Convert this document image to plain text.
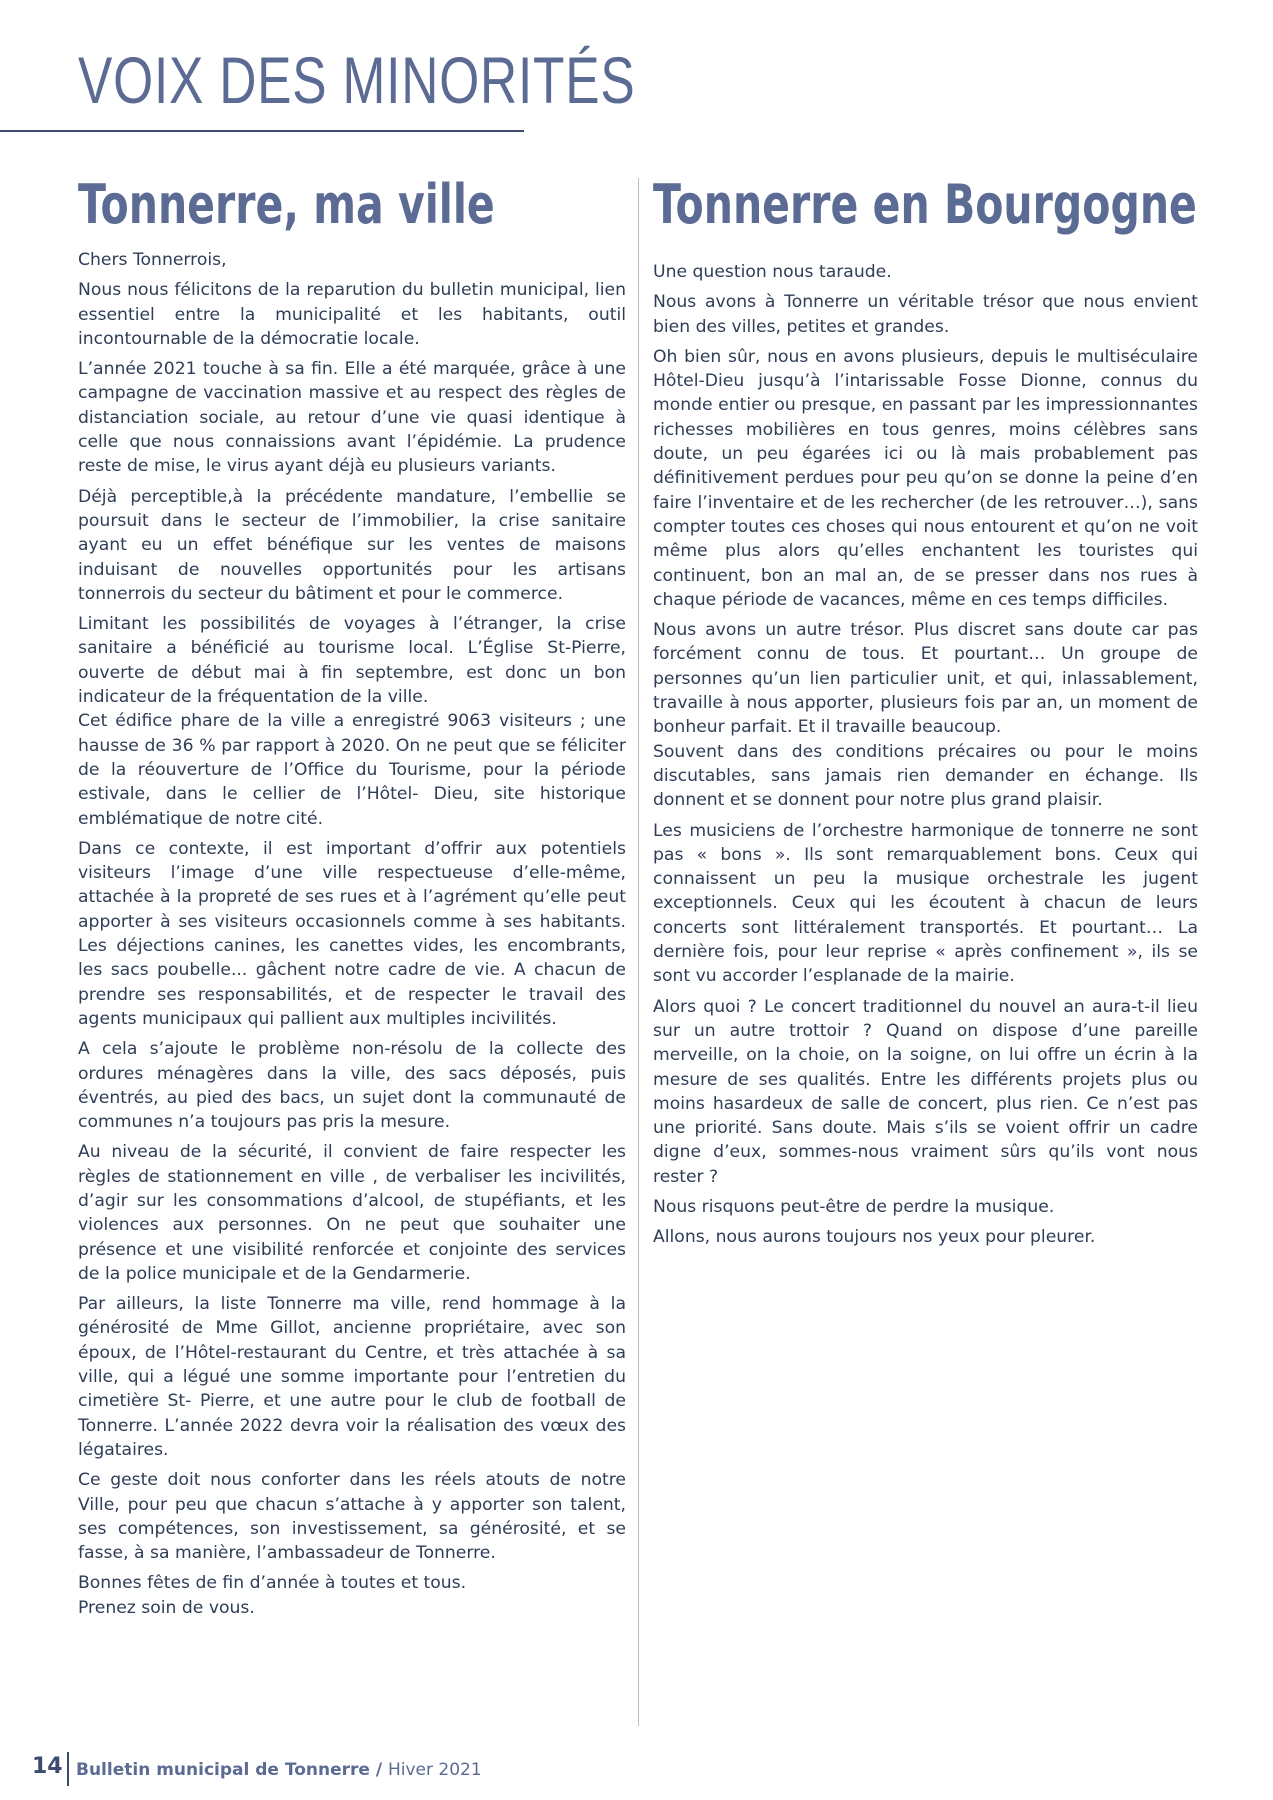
VOIX DES MINORITÉS
Tonnerre, ma ville

Chers Tonnerrois,

Nous nous félicitons de la reparution du bulletin municipal, lien essentiel entre la municipalité et les habitants, outil incontournable de la démocratie locale.

L’année 2021 touche à sa fin. Elle a été marquée, grâce à une campagne de vaccination massive et au respect des règles de distanciation sociale, au retour d’une vie quasi identique à celle que nous connaissions avant l’épidémie. La prudence reste de mise, le virus ayant déjà eu plusieurs variants.

Déjà perceptible,à la précédente mandature, l’embellie se poursuit dans le secteur de l’immobilier, la crise sanitaire ayant eu un effet bénéfique sur les ventes de maisons induisant de nouvelles opportunités pour les artisans tonnerrois du secteur du bâtiment et pour le commerce.

Limitant les possibilités de voyages à l’étranger, la crise sanitaire a bénéficié au tourisme local. L’Église St-Pierre, ouverte de début mai à fin septembre, est donc un bon indicateur de la fréquentation de la ville.

Cet édifice phare de la ville a enregistré 9063 visiteurs ; une hausse de 36 % par rapport à 2020. On ne peut que se féliciter de la réouverture de l’Office du Tourisme, pour la période estivale, dans le cellier de l’Hôtel- Dieu, site historique emblématique de notre cité.

Dans ce contexte, il est important d’offrir aux potentiels visiteurs l’image d’une ville respectueuse d’elle-même, attachée à la propreté de ses rues et à l’agrément qu’elle peut apporter à ses visiteurs occasionnels comme à ses habitants. Les déjections canines, les canettes vides, les encombrants, les sacs poubelle... gâchent notre cadre de vie. A chacun de prendre ses responsabilités, et de respecter le travail des agents municipaux qui pallient aux multiples incivilités.

A cela s’ajoute le problème non-résolu de la collecte des ordures ménagères dans la ville, des sacs déposés, puis éventrés, au pied des bacs, un sujet dont la communauté de communes n’a toujours pas pris la mesure.

Au niveau de la sécurité, il convient de faire respecter les règles de stationnement en ville , de verbaliser les incivilités, d’agir sur les consommations d’alcool, de stupéfiants, et les violences aux personnes. On ne peut que souhaiter une présence et une visibilité renforcée et conjointe des services de la police municipale et de la Gendarmerie.

Par ailleurs, la liste Tonnerre ma ville, rend hommage à la générosité de Mme Gillot, ancienne propriétaire, avec son époux, de l’Hôtel-restaurant du Centre, et très attachée à sa ville, qui a légué une somme importante pour l’entretien du cimetière St- Pierre, et une autre pour le club de football de Tonnerre. L’année 2022 devra voir la réalisation des vœux des légataires.

Ce geste doit nous conforter dans les réels atouts de notre Ville, pour peu que chacun s’attache à y apporter son talent, ses compétences, son investissement, sa générosité, et se fasse, à sa manière, l’ambassadeur de Tonnerre.

Bonnes fêtes de fin d’année à toutes et tous.

Prenez soin de vous.

Tonnerre en Bourgogne

Une question nous taraude.

Nous avons à Tonnerre un véritable trésor que nous envient bien des villes, petites et grandes.

Oh bien sûr, nous en avons plusieurs, depuis le multiséculaire Hôtel-Dieu jusqu’à l’intarissable Fosse Dionne, connus du monde entier ou presque, en passant par les impressionnantes richesses mobilières en tous genres, moins célèbres sans doute, un peu égarées ici ou là mais probablement pas définitivement perdues pour peu qu’on se donne la peine d’en faire l’inventaire et de les rechercher (de les retrouver…), sans compter toutes ces choses qui nous entourent et qu’on ne voit même plus alors qu’elles enchantent les touristes qui continuent, bon an mal an, de se presser dans nos rues à chaque période de vacances, même en ces temps difficiles.

Nous avons un autre trésor. Plus discret sans doute car pas forcément connu de tous. Et pourtant… Un groupe de personnes qu’un lien particulier unit, et qui, inlassablement, travaille à nous apporter, plusieurs fois par an, un moment de bonheur parfait. Et il travaille beaucoup.

Souvent dans des conditions précaires ou pour le moins discutables, sans jamais rien demander en échange. Ils donnent et se donnent pour notre plus grand plaisir.

Les musiciens de l’orchestre harmonique de tonnerre ne sont pas « bons ». Ils sont remarquablement bons. Ceux qui connaissent un peu la musique orchestrale les jugent exceptionnels. Ceux qui les écoutent à chacun de leurs concerts sont littéralement transportés. Et pourtant… La dernière fois, pour leur reprise « après confinement », ils se sont vu accorder l’esplanade de la mairie.

Alors quoi ? Le concert traditionnel du nouvel an aura-t-il lieu sur un autre trottoir ? Quand on dispose d’une pareille merveille, on la choie, on la soigne, on lui offre un écrin à la mesure de ses qualités. Entre les différents projets plus ou moins hasardeux de salle de concert, plus rien. Ce n’est pas une priorité. Sans doute. Mais s’ils se voient offrir un cadre digne d’eux, sommes-nous vraiment sûrs qu’ils vont nous rester ?

Nous risquons peut-être de perdre la musique.

Allons, nous aurons toujours nos yeux pour pleurer.

14 Bulletin municipal de Tonnerre / Hiver 2021
